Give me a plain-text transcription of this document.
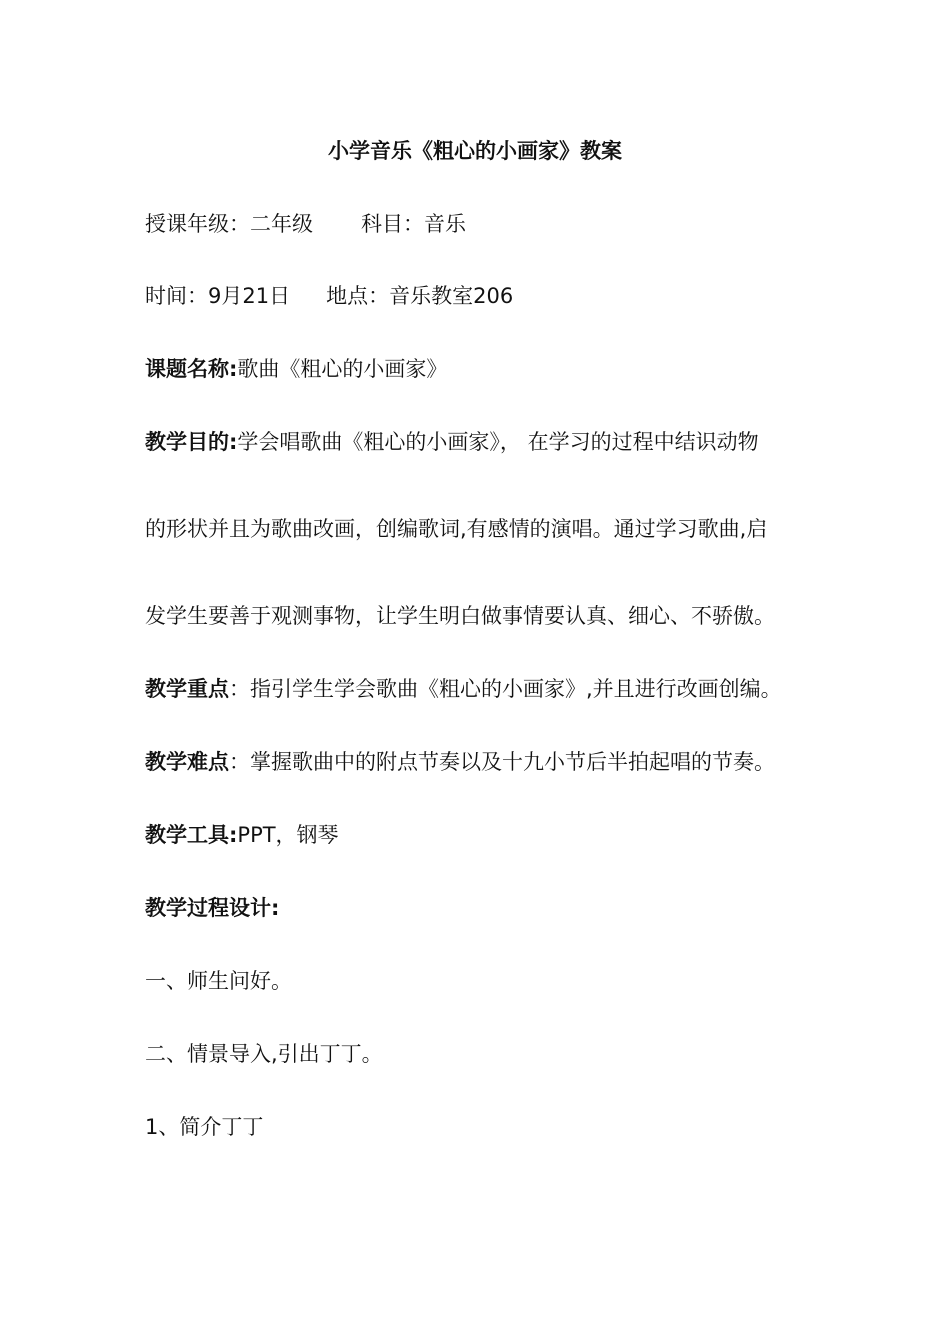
小学音乐《粗心的小画家》教案
授课年级：二年级 科目：音乐
时间：9月21日 地点：音乐教室206
课题名称:歌曲《粗心的小画家》
教学目的:学会唱歌曲《粗心的小画家》， 在学习的过程中结识动物
的形状并且为歌曲改画，创编歌词,有感情的演唱。通过学习歌曲,启
发学生要善于观测事物，让学生明白做事情要认真、细心、不骄傲。
教学重点：指引学生学会歌曲《粗心的小画家》,并且进行改画创编。
教学难点：掌握歌曲中的附点节奏以及十九小节后半拍起唱的节奏。
教学工具:PPT，钢琴
教学过程设计:
一、师生问好。
二、情景导入,引出丁丁。
1、简介丁丁
